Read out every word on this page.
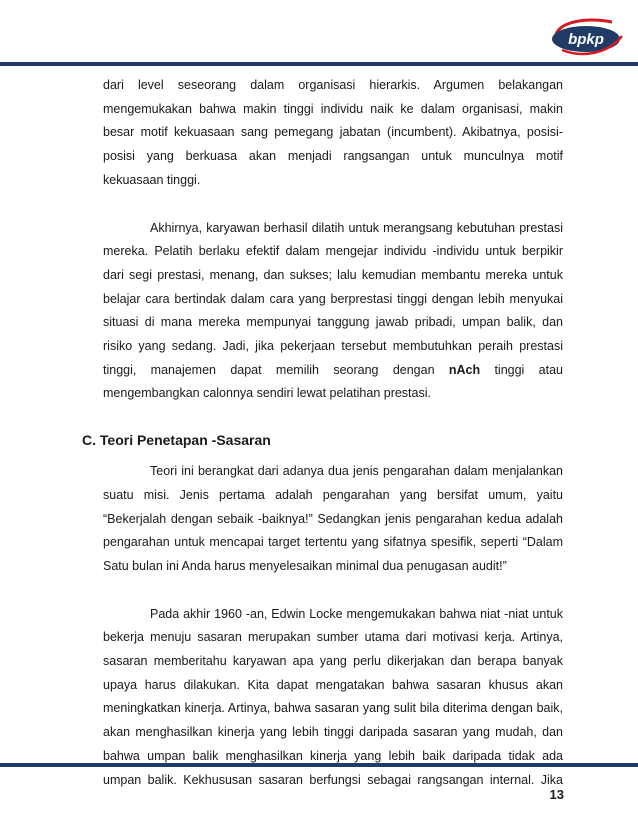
bpkp

dari level seseorang dalam organisasi hierarkis. Argumen belakangan

mengemukakan bahwa makin tinggi individu naik ke dalam organisasi, makin

besar motif kekuasaan sang pemegang jabatan (incumbent). Akibatnya, posisi-

posisi yang berkuasa akan menjadi rangsangan untuk munculnya motif

kekuasaan tinggi.

Akhirnya, karyawan berhasil dilatih untuk merangsang kebutuhan prestasi

mereka. Pelatih berlaku efektif dalam mengejar individu -individu untuk berpikir

dari segi prestasi, menang, dan sukses; lalu kemudian membantu mereka untuk

belajar cara bertindak dalam cara yang berprestasi tinggi dengan lebih menyukai

situasi di mana mereka mempunyai tanggung jawab pribadi, umpan balik, dan

risiko yang sedang. Jadi, jika pekerjaan tersebut membutuhkan peraih prestasi

tinggi, manajemen dapat memilih seorang dengan nAch tinggi atau

mengembangkan calonnya sendiri lewat pelatihan prestasi.

C. Teori Penetapan -Sasaran

Teori ini berangkat dari adanya dua jenis pengarahan dalam menjalankan

suatu misi. Jenis pertama adalah pengarahan yang bersifat umum, yaitu

“Bekerjalah dengan sebaik -baiknya!” Sedangkan jenis pengarahan kedua adalah

pengarahan untuk mencapai target tertentu yang sifatnya spesifik, seperti “Dalam

Satu bulan ini Anda harus menyelesaikan minimal dua penugasan audit!”

Pada akhir 1960 -an, Edwin Locke mengemukakan bahwa niat -niat untuk

bekerja menuju sasaran merupakan sumber utama dari motivasi kerja. Artinya,

sasaran memberitahu karyawan apa yang perlu dikerjakan dan berapa banyak

upaya harus dilakukan. Kita dapat mengatakan bahwa sasaran khusus akan

meningkatkan kinerja. Artinya, bahwa sasaran yang sulit bila diterima dengan baik,

akan menghasilkan kinerja yang lebih tinggi daripada sasaran yang mudah, dan

bahwa umpan balik menghasilkan kinerja yang lebih baik daripada tidak ada

umpan balik. Kekhususan sasaran berfungsi sebagai rangsangan internal. Jika

13
